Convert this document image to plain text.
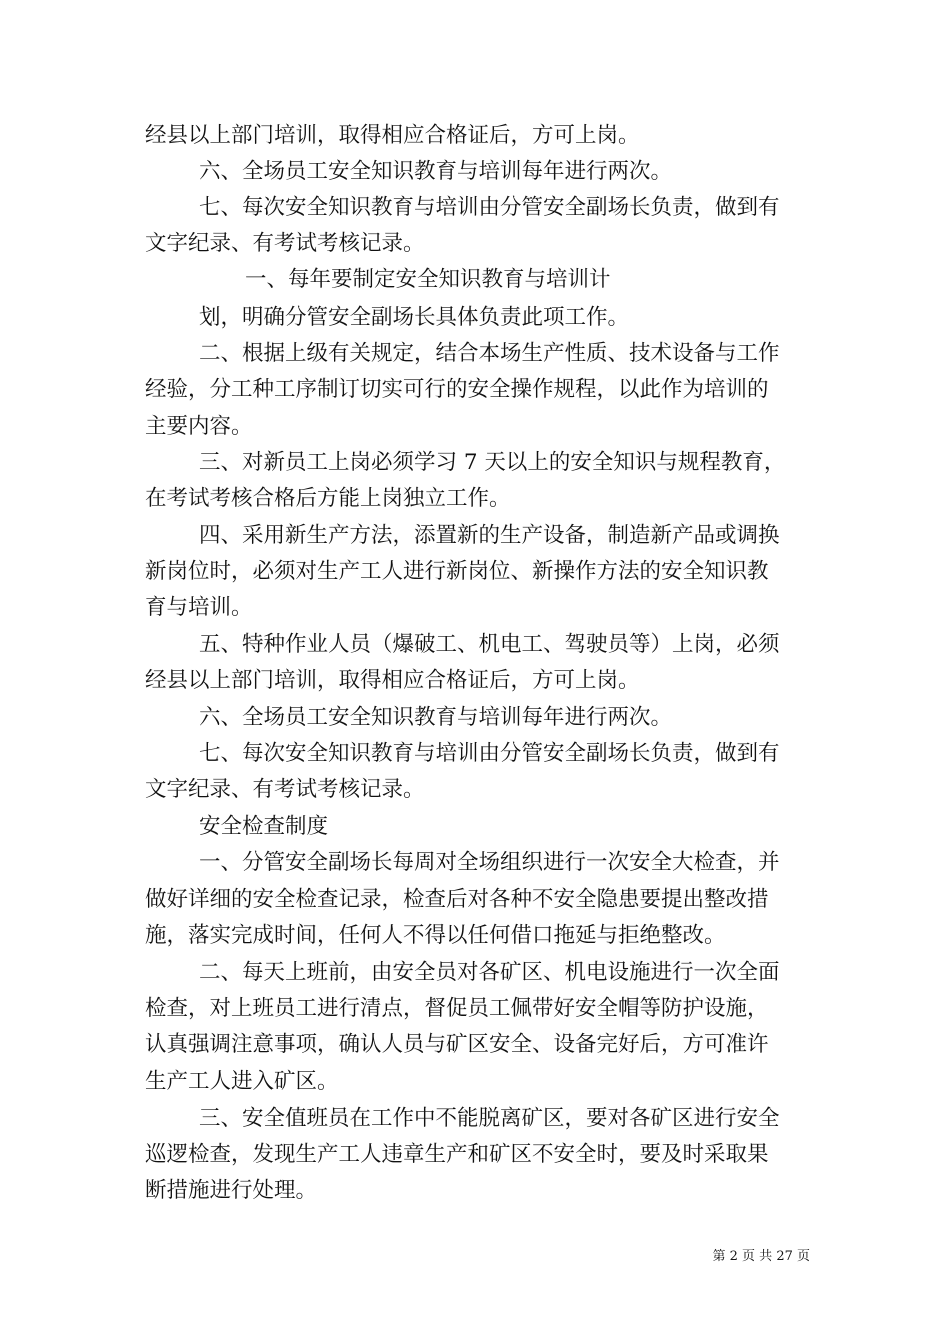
经县以上部门培训，取得相应合格证后，方可上岗。
六、全场员工安全知识教育与培训每年进行两次。
七、每次安全知识教育与培训由分管安全副场长负责，做到有
文字纪录、有考试考核记录。
一、每年要制定安全知识教育与培训计
划，明确分管安全副场长具体负责此项工作。
二、根据上级有关规定，结合本场生产性质、技术设备与工作
经验，分工种工序制订切实可行的安全操作规程，以此作为培训的
主要内容。
三、对新员工上岗必须学习 7 天以上的安全知识与规程教育，
在考试考核合格后方能上岗独立工作。
四、采用新生产方法，添置新的生产设备，制造新产品或调换
新岗位时，必须对生产工人进行新岗位、新操作方法的安全知识教
育与培训。
五、特种作业人员（爆破工、机电工、驾驶员等）上岗，必须
经县以上部门培训，取得相应合格证后，方可上岗。
六、全场员工安全知识教育与培训每年进行两次。
七、每次安全知识教育与培训由分管安全副场长负责，做到有
文字纪录、有考试考核记录。
安全检查制度
一、分管安全副场长每周对全场组织进行一次安全大检查，并
做好详细的安全检查记录，检查后对各种不安全隐患要提出整改措
施，落实完成时间，任何人不得以任何借口拖延与拒绝整改。
二、每天上班前，由安全员对各矿区、机电设施进行一次全面
检查，对上班员工进行清点，督促员工佩带好安全帽等防护设施，
认真强调注意事项，确认人员与矿区安全、设备完好后，方可准许
生产工人进入矿区。
三、安全值班员在工作中不能脱离矿区，要对各矿区进行安全
巡逻检查，发现生产工人违章生产和矿区不安全时，要及时采取果
断措施进行处理。
第 2 页 共 27 页
